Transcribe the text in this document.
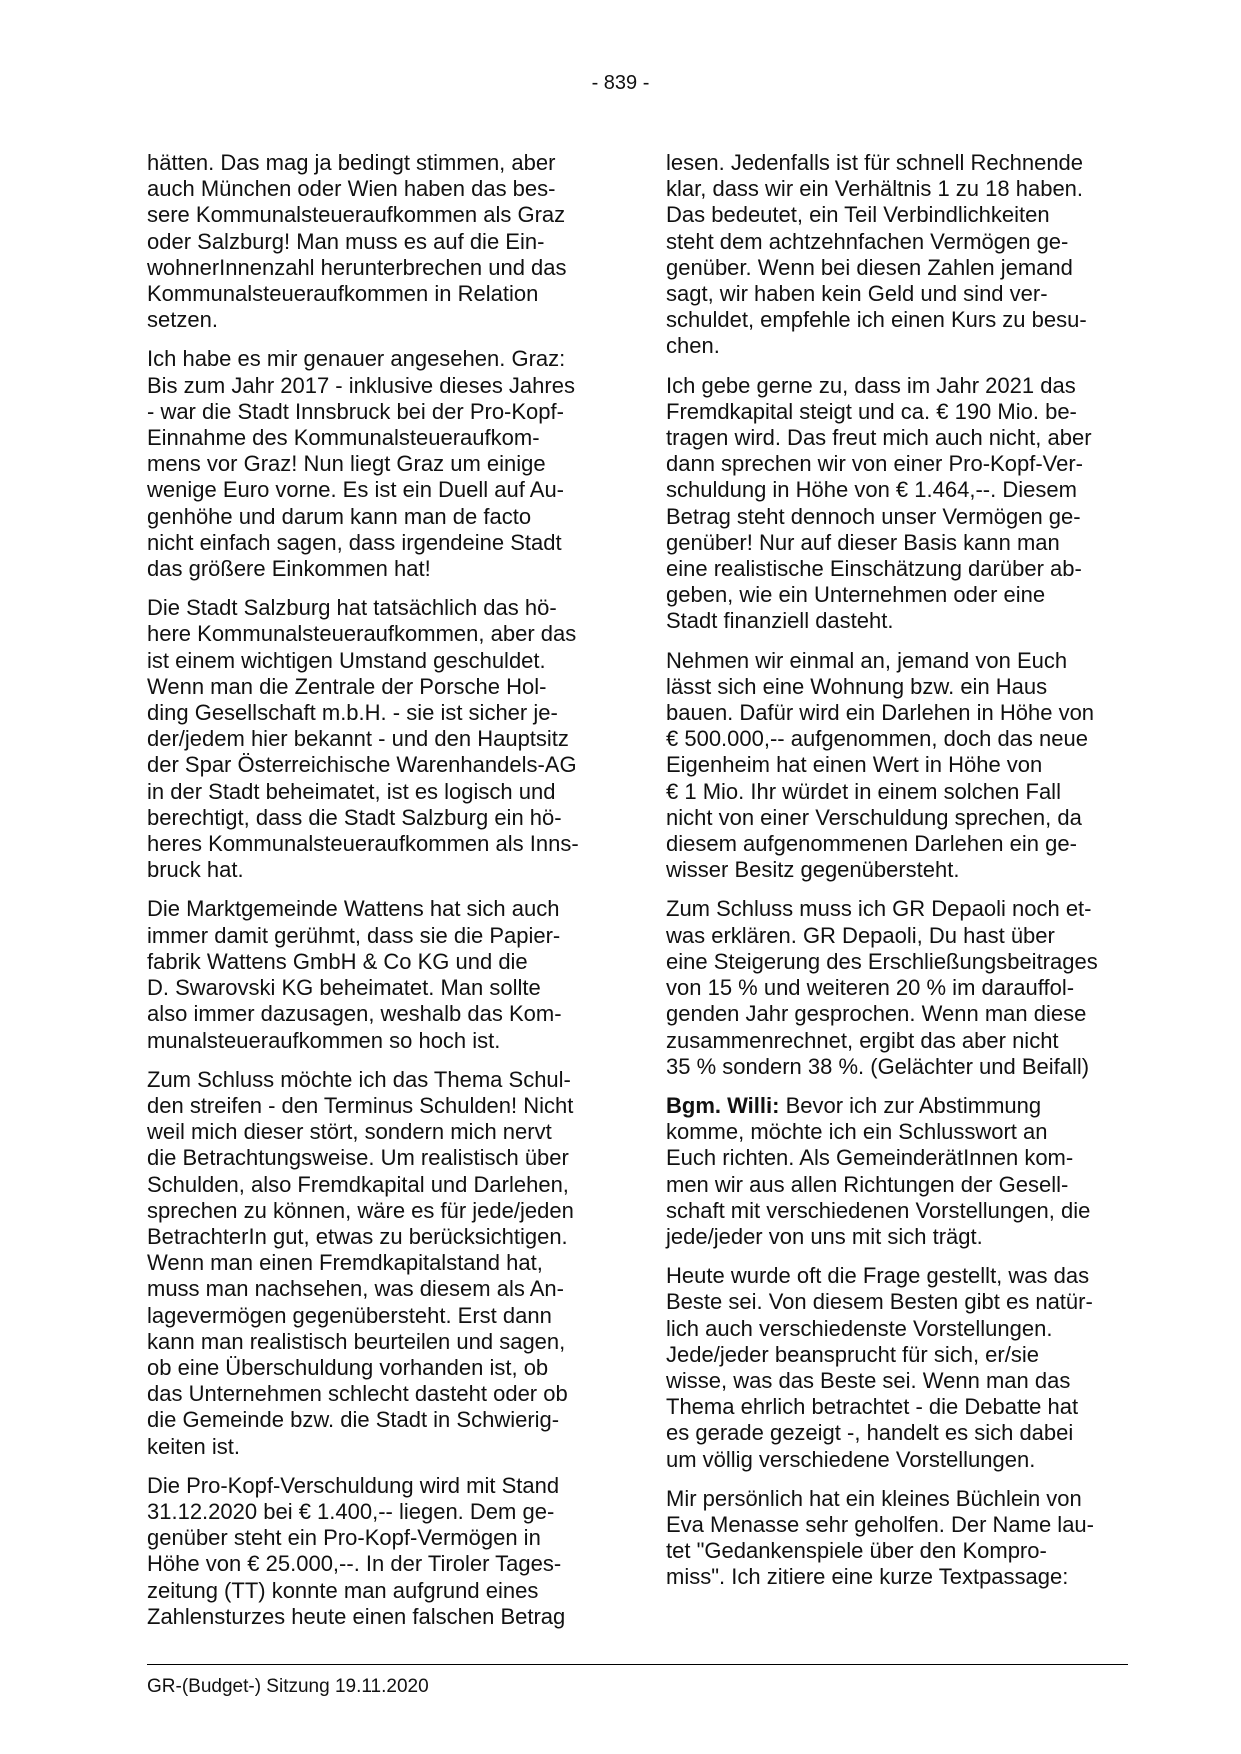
- 839 -
hätten. Das mag ja bedingt stimmen, aber
auch München oder Wien haben das bes-
sere Kommunalsteueraufkommen als Graz
oder Salzburg! Man muss es auf die Ein-
wohnerInnenzahl herunterbrechen und das
Kommunalsteueraufkommen in Relation
setzen.
Ich habe es mir genauer angesehen. Graz:
Bis zum Jahr 2017 - inklusive dieses Jahres
- war die Stadt Innsbruck bei der Pro-Kopf-
Einnahme des Kommunalsteueraufkom-
mens vor Graz! Nun liegt Graz um einige
wenige Euro vorne. Es ist ein Duell auf Au-
genhöhe und darum kann man de facto
nicht einfach sagen, dass irgendeine Stadt
das größere Einkommen hat!
Die Stadt Salzburg hat tatsächlich das hö-
here Kommunalsteueraufkommen, aber das
ist einem wichtigen Umstand geschuldet.
Wenn man die Zentrale der Porsche Hol-
ding Gesellschaft m.b.H. - sie ist sicher je-
der/jedem hier bekannt - und den Hauptsitz
der Spar Österreichische Warenhandels-AG
in der Stadt beheimatet, ist es logisch und
berechtigt, dass die Stadt Salzburg ein hö-
heres Kommunalsteueraufkommen als Inns-
bruck hat.
Die Marktgemeinde Wattens hat sich auch
immer damit gerühmt, dass sie die Papier-
fabrik Wattens GmbH & Co KG und die
D. Swarovski KG beheimatet. Man sollte
also immer dazusagen, weshalb das Kom-
munalsteueraufkommen so hoch ist.
Zum Schluss möchte ich das Thema Schul-
den streifen - den Terminus Schulden! Nicht
weil mich dieser stört, sondern mich nervt
die Betrachtungsweise. Um realistisch über
Schulden, also Fremdkapital und Darlehen,
sprechen zu können, wäre es für jede/jeden
BetrachterIn gut, etwas zu berücksichtigen.
Wenn man einen Fremdkapitalstand hat,
muss man nachsehen, was diesem als An-
lagevermögen gegenübersteht. Erst dann
kann man realistisch beurteilen und sagen,
ob eine Überschuldung vorhanden ist, ob
das Unternehmen schlecht dasteht oder ob
die Gemeinde bzw. die Stadt in Schwierig-
keiten ist.
Die Pro-Kopf-Verschuldung wird mit Stand
31.12.2020 bei € 1.400,-- liegen. Dem ge-
genüber steht ein Pro-Kopf-Vermögen in
Höhe von € 25.000,--. In der Tiroler Tages-
zeitung (TT) konnte man aufgrund eines
Zahlensturzes heute einen falschen Betrag
lesen. Jedenfalls ist für schnell Rechnende
klar, dass wir ein Verhältnis 1 zu 18 haben.
Das bedeutet, ein Teil Verbindlichkeiten
steht dem achtzehnfachen Vermögen ge-
genüber. Wenn bei diesen Zahlen jemand
sagt, wir haben kein Geld und sind ver-
schuldet, empfehle ich einen Kurs zu besu-
chen.
Ich gebe gerne zu, dass im Jahr 2021 das
Fremdkapital steigt und ca. € 190 Mio. be-
tragen wird. Das freut mich auch nicht, aber
dann sprechen wir von einer Pro-Kopf-Ver-
schuldung in Höhe von € 1.464,--. Diesem
Betrag steht dennoch unser Vermögen ge-
genüber! Nur auf dieser Basis kann man
eine realistische Einschätzung darüber ab-
geben, wie ein Unternehmen oder eine
Stadt finanziell dasteht.
Nehmen wir einmal an, jemand von Euch
lässt sich eine Wohnung bzw. ein Haus
bauen. Dafür wird ein Darlehen in Höhe von
€ 500.000,-- aufgenommen, doch das neue
Eigenheim hat einen Wert in Höhe von
€ 1 Mio. Ihr würdet in einem solchen Fall
nicht von einer Verschuldung sprechen, da
diesem aufgenommenen Darlehen ein ge-
wisser Besitz gegenübersteht.
Zum Schluss muss ich GR Depaoli noch et-
was erklären. GR Depaoli, Du hast über
eine Steigerung des Erschließungsbeitrages
von 15 % und weiteren 20 % im darauffol-
genden Jahr gesprochen. Wenn man diese
zusammenrechnet, ergibt das aber nicht
35 % sondern 38 %. (Gelächter und Beifall)
Bgm. Willi: Bevor ich zur Abstimmung
komme, möchte ich ein Schlusswort an
Euch richten. Als GemeinderätInnen kom-
men wir aus allen Richtungen der Gesell-
schaft mit verschiedenen Vorstellungen, die
jede/jeder von uns mit sich trägt.
Heute wurde oft die Frage gestellt, was das
Beste sei. Von diesem Besten gibt es natür-
lich auch verschiedenste Vorstellungen.
Jede/jeder beansprucht für sich, er/sie
wisse, was das Beste sei. Wenn man das
Thema ehrlich betrachtet - die Debatte hat
es gerade gezeigt -, handelt es sich dabei
um völlig verschiedene Vorstellungen.
Mir persönlich hat ein kleines Büchlein von
Eva Menasse sehr geholfen. Der Name lau-
tet "Gedankenspiele über den Kompro-
miss". Ich zitiere eine kurze Textpassage:
GR-(Budget-) Sitzung 19.11.2020
